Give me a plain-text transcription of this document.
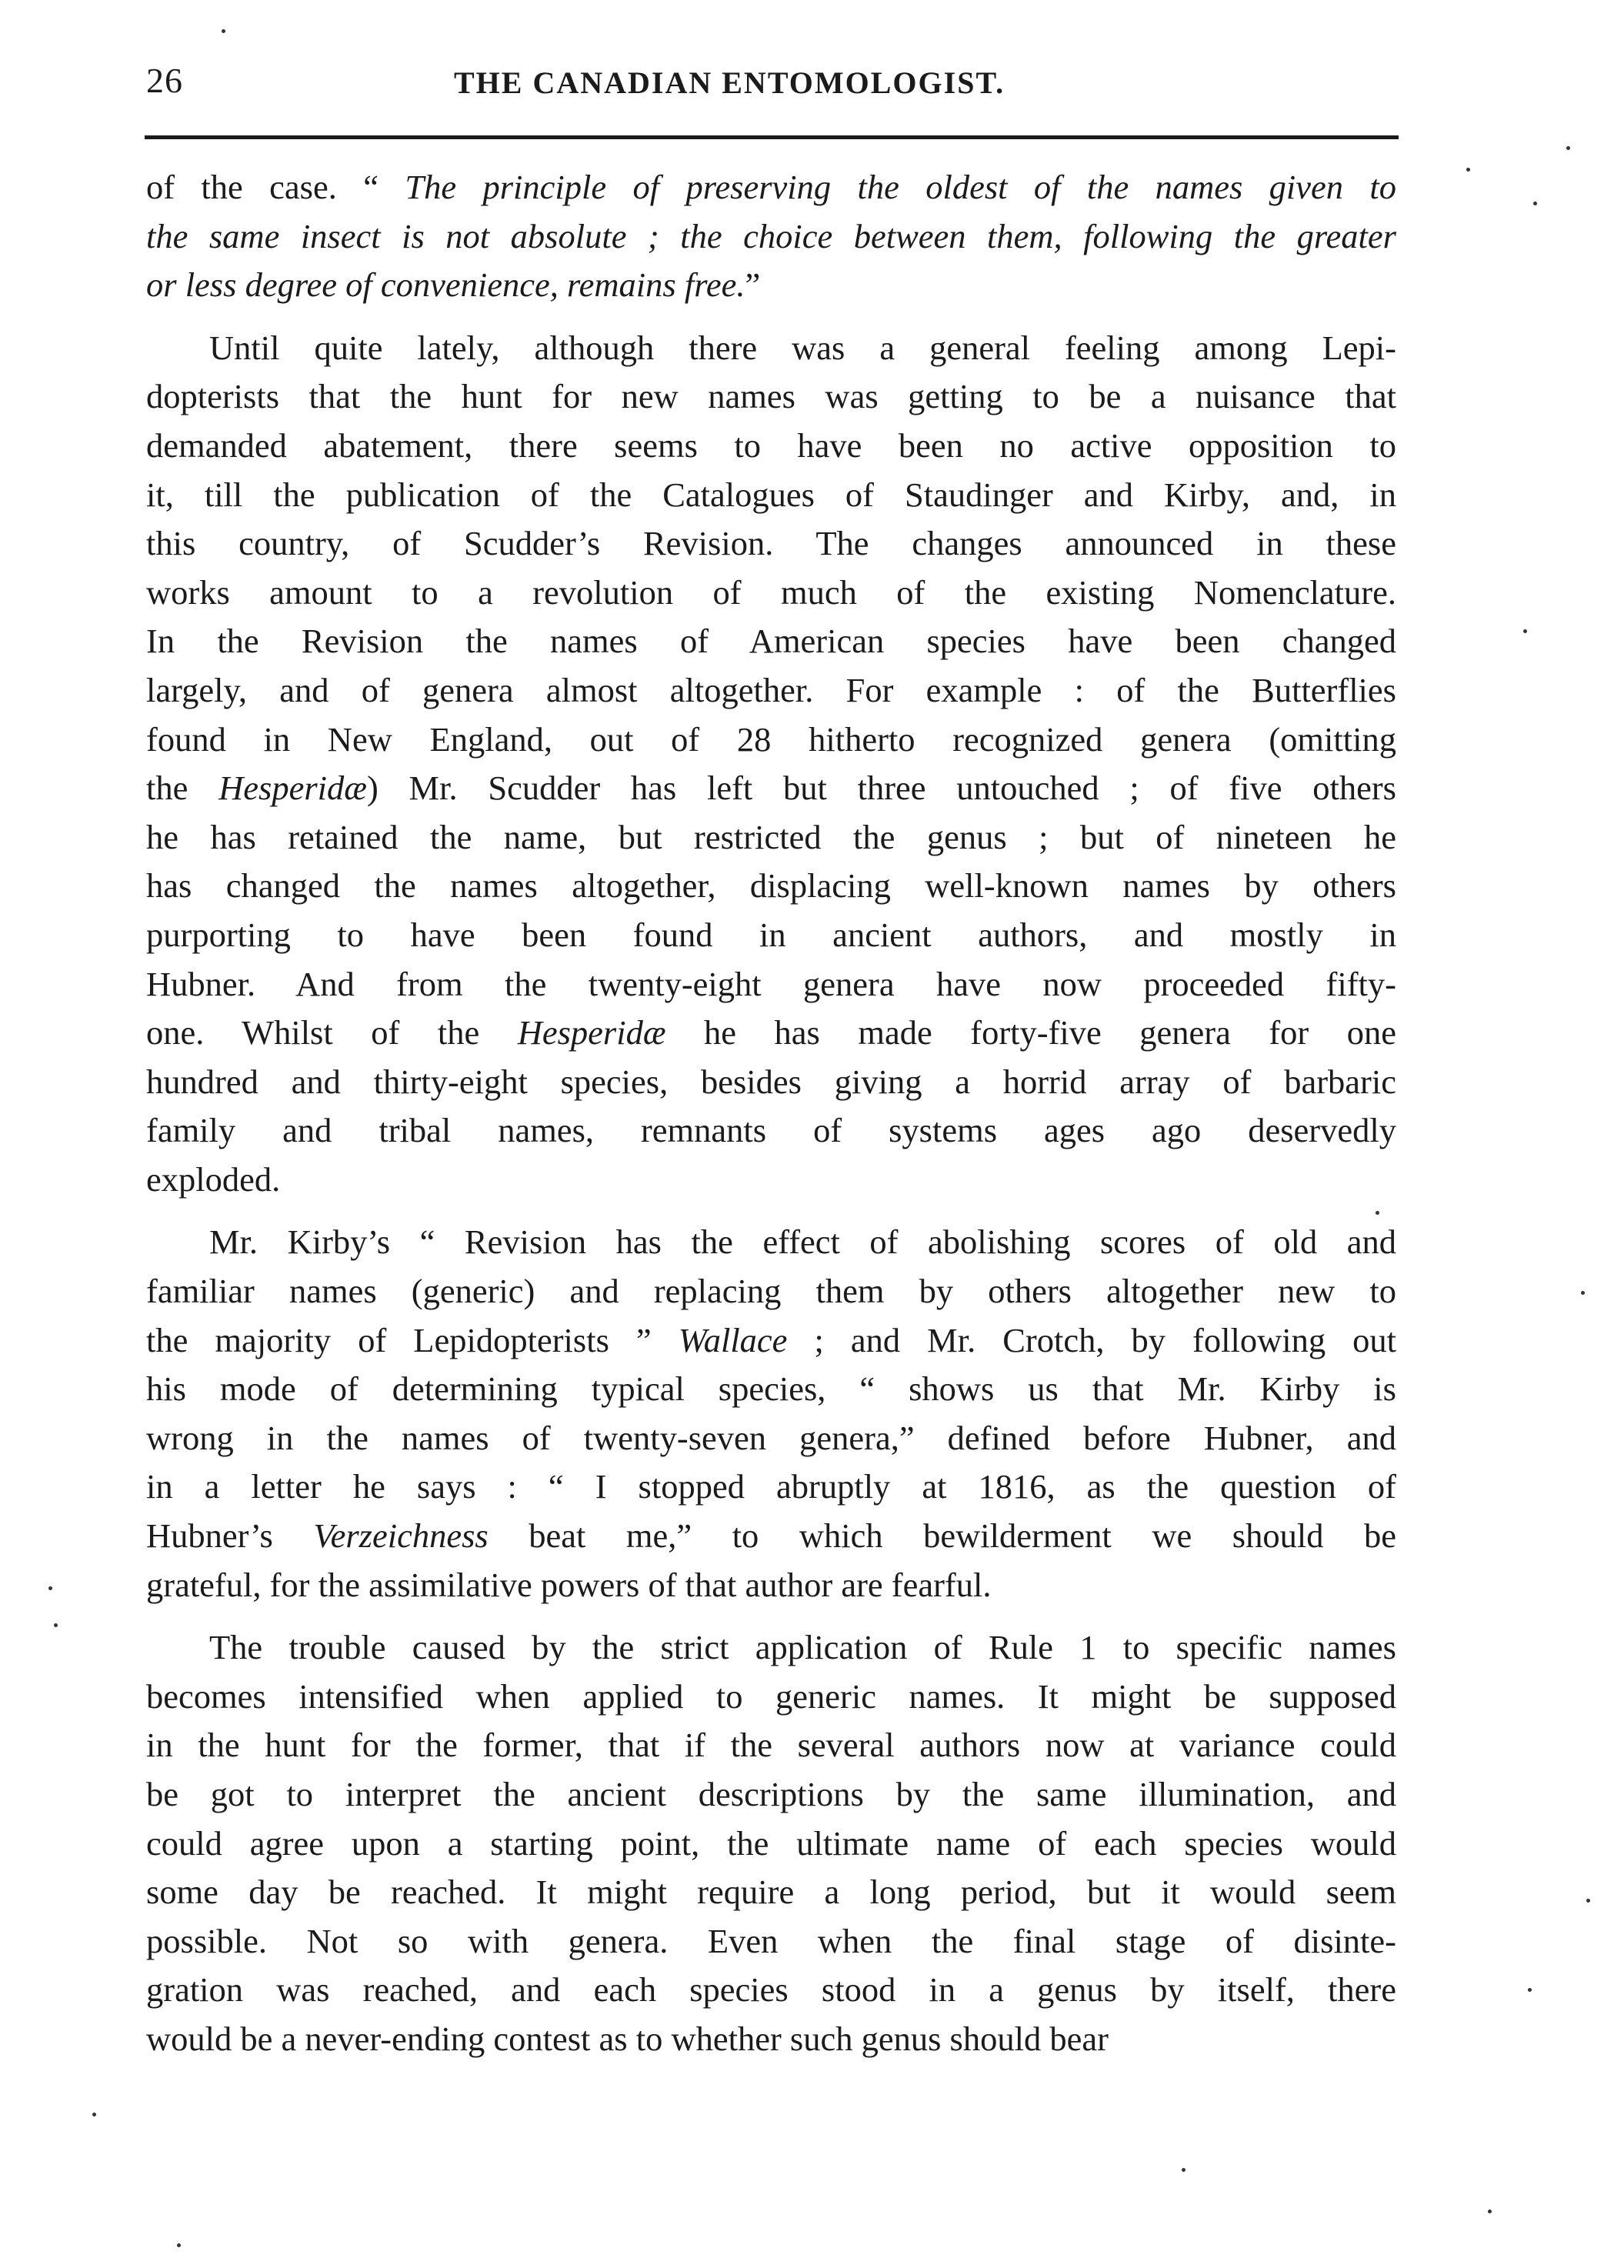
26	THE CANADIAN ENTOMOLOGIST.
of the case. “ The principle of preserving the oldest of the names given to
the same insect is not absolute ; the choice between them, following the greater
or less degree of convenience, remains free.”
Until quite lately, although there was a general feeling among Lepi-
dopterists that the hunt for new names was getting to be a nuisance that
demanded abatement, there seems to have been no active opposition to
it, till the publication of the Catalogues of Staudinger and Kirby, and, in
this country, of Scudder’s Revision. The changes announced in these
works amount to a revolution of much of the existing Nomenclature.
In the Revision the names of American species have been changed
largely, and of genera almost altogether. For example : of the Butterflies
found in New England, out of 28 hitherto recognized genera (omitting
the Hesperidæ) Mr. Scudder has left but three untouched ; of five others
he has retained the name, but restricted the genus ; but of nineteen he
has changed the names altogether, displacing well-known names by others
purporting to have been found in ancient authors, and mostly in
Hubner. And from the twenty-eight genera have now proceeded fifty-
one. Whilst of the Hesperidæ he has made forty-five genera for one
hundred and thirty-eight species, besides giving a horrid array of barbaric
family and tribal names, remnants of systems ages ago deservedly
exploded.
Mr. Kirby’s “ Revision has the effect of abolishing scores of old and
familiar names (generic) and replacing them by others altogether new to
the majority of Lepidopterists ” Wallace ; and Mr. Crotch, by following out
his mode of determining typical species, “ shows us that Mr. Kirby is
wrong in the names of twenty-seven genera,” defined before Hubner, and
in a letter he says : “ I stopped abruptly at 1816, as the question of
Hubner’s Verzeichness beat me,” to which bewilderment we should be
grateful, for the assimilative powers of that author are fearful.
The trouble caused by the strict application of Rule 1 to specific names
becomes intensified when applied to generic names. It might be supposed
in the hunt for the former, that if the several authors now at variance could
be got to interpret the ancient descriptions by the same illumination, and
could agree upon a starting point, the ultimate name of each species would
some day be reached. It might require a long period, but it would seem
possible. Not so with genera. Even when the final stage of disinte-
gration was reached, and each species stood in a genus by itself, there
would be a never-ending contest as to whether such genus should bear
